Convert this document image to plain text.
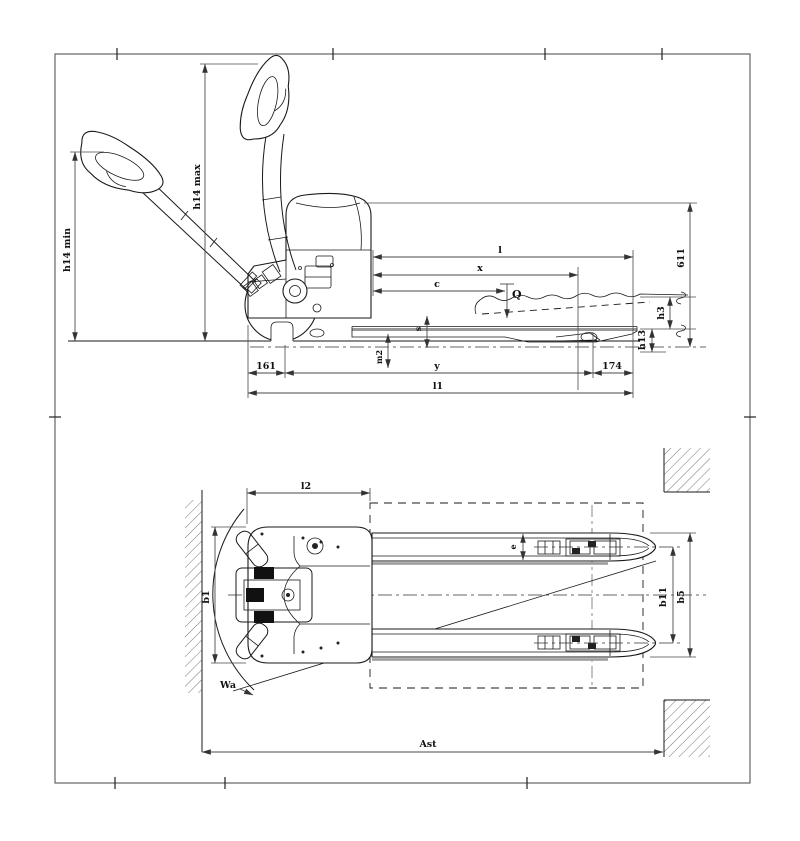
h14 min
h14 max
611
l
x
c
Q
h3
h13
s
m2
161	y	174
l1
l2
b1
e
b11 b5
Wa
Ast
